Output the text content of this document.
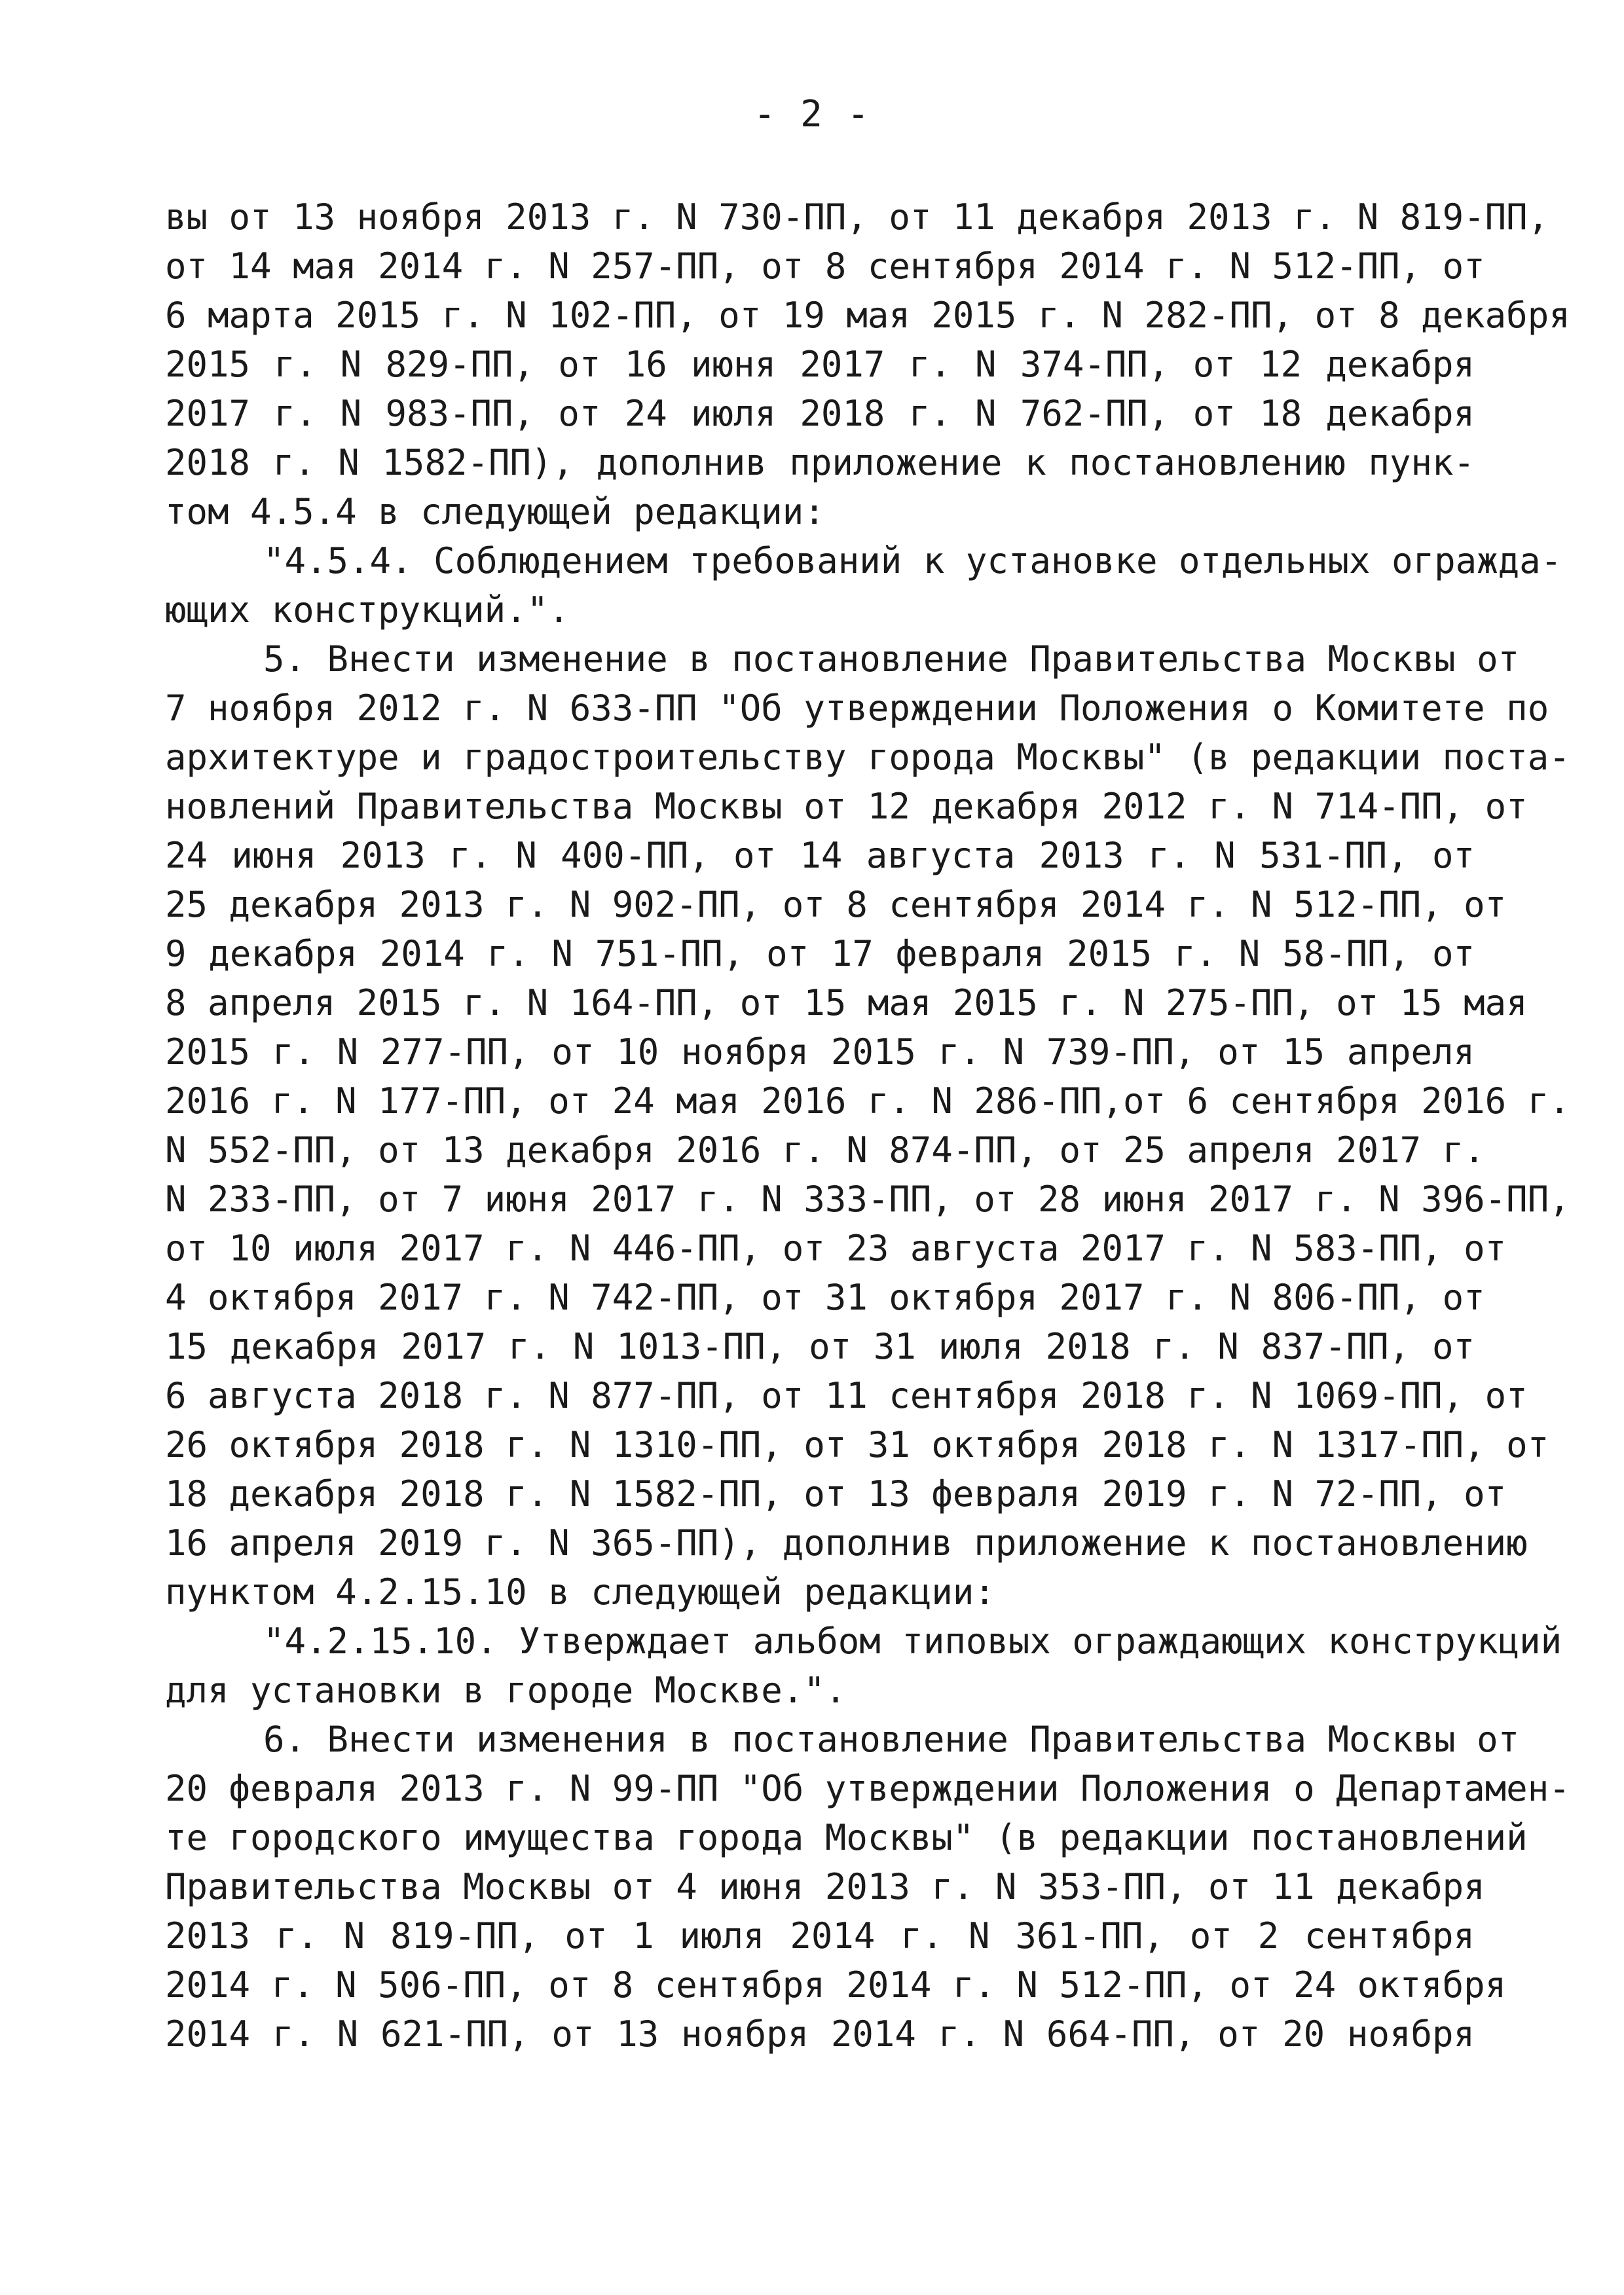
- 2 -
вы от 13 ноября 2013 г. N 730-ПП, от 11 декабря 2013 г. N 819-ПП,
от 14 мая 2014 г. N 257-ПП, от 8 сентября 2014 г. N 512-ПП, от
6 марта 2015 г. N 102-ПП, от 19 мая 2015 г. N 282-ПП, от 8 декабря
2015 г. N 829-ПП, от 16 июня 2017 г. N 374-ПП, от 12 декабря
2017 г. N 983-ПП, от 24 июля 2018 г. N 762-ПП, от 18 декабря
2018 г. N 1582-ПП), дополнив приложение к постановлению пунк-
том 4.5.4 в следующей редакции:
"4.5.4. Соблюдением требований к установке отдельных огражда-
ющих конструкций.".
5. Внести изменение в постановление Правительства Москвы от
7 ноября 2012 г. N 633-ПП "Об утверждении Положения о Комитете по
архитектуре и градостроительству города Москвы" (в редакции поста-
новлений Правительства Москвы от 12 декабря 2012 г. N 714-ПП, от
24 июня 2013 г. N 400-ПП, от 14 августа 2013 г. N 531-ПП, от
25 декабря 2013 г. N 902-ПП, от 8 сентября 2014 г. N 512-ПП, от
9 декабря 2014 г. N 751-ПП, от 17 февраля 2015 г. N 58-ПП, от
8 апреля 2015 г. N 164-ПП, от 15 мая 2015 г. N 275-ПП, от 15 мая
2015 г. N 277-ПП, от 10 ноября 2015 г. N 739-ПП, от 15 апреля
2016 г. N 177-ПП, от 24 мая 2016 г. N 286-ПП,от 6 сентября 2016 г.
N 552-ПП, от 13 декабря 2016 г. N 874-ПП, от 25 апреля 2017 г.
N 233-ПП, от 7 июня 2017 г. N 333-ПП, от 28 июня 2017 г. N 396-ПП,
от 10 июля 2017 г. N 446-ПП, от 23 августа 2017 г. N 583-ПП, от
4 октября 2017 г. N 742-ПП, от 31 октября 2017 г. N 806-ПП, от
15 декабря 2017 г. N 1013-ПП, от 31 июля 2018 г. N 837-ПП, от
6 августа 2018 г. N 877-ПП, от 11 сентября 2018 г. N 1069-ПП, от
26 октября 2018 г. N 1310-ПП, от 31 октября 2018 г. N 1317-ПП, от
18 декабря 2018 г. N 1582-ПП, от 13 февраля 2019 г. N 72-ПП, от
16 апреля 2019 г. N 365-ПП), дополнив приложение к постановлению
пунктом 4.2.15.10 в следующей редакции:
"4.2.15.10. Утверждает альбом типовых ограждающих конструкций
для установки в городе Москве.".
6. Внести изменения в постановление Правительства Москвы от
20 февраля 2013 г. N 99-ПП "Об утверждении Положения о Департамен-
те городского имущества города Москвы" (в редакции постановлений
Правительства Москвы от 4 июня 2013 г. N 353-ПП, от 11 декабря
2013 г. N 819-ПП, от 1 июля 2014 г. N 361-ПП, от 2 сентября
2014 г. N 506-ПП, от 8 сентября 2014 г. N 512-ПП, от 24 октября
2014 г. N 621-ПП, от 13 ноября 2014 г. N 664-ПП, от 20 ноября
